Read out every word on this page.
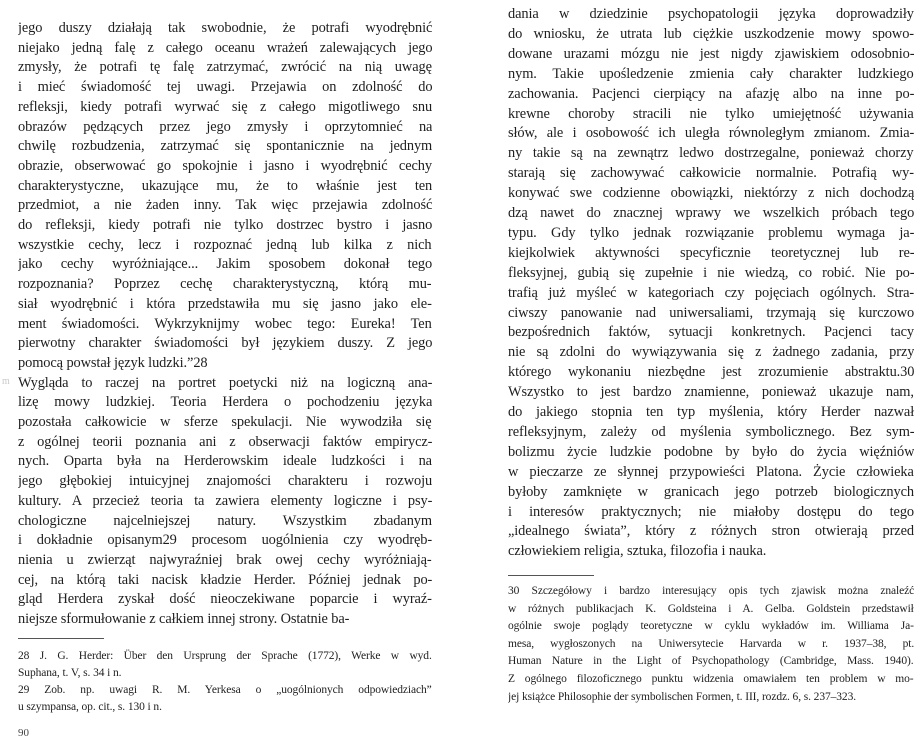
jego duszy działają tak swobodnie, że potrafi wyodrębnić
niejako jedną falę z całego oceanu wrażeń zalewających jego
zmysły, że potrafi tę falę zatrzymać, zwrócić na nią uwagę
i mieć świadomość tej uwagi. Przejawia on zdolność do
refleksji, kiedy potrafi wyrwać się z całego migotliwego snu
obrazów pędzących przez jego zmysły i oprzytomnieć na
chwilę rozbudzenia, zatrzymać się spontanicznie na jednym
obrazie, obserwować go spokojnie i jasno i wyodrębnić cechy
charakterystyczne, ukazujące mu, że to właśnie jest ten
przedmiot, a nie żaden inny. Tak więc przejawia zdolność
do refleksji, kiedy potrafi nie tylko dostrzec bystro i jasno
wszystkie cechy, lecz i rozpoznać jedną lub kilka z nich
jako cechy wyróżniające... Jakim sposobem dokonał tego
rozpoznania? Poprzez cechę charakterystyczną, którą mu-
siał wyodrębnić i która przedstawiła mu się jasno jako ele-
ment świadomości. Wykrzyknijmy wobec tego: Eureka! Ten
pierwotny charakter świadomości był językiem duszy. Z jego
pomocą powstał język ludzki.”28
Wygląda to raczej na portret poetycki niż na logiczną ana-
lizę mowy ludzkiej. Teoria Herdera o pochodzeniu języka
pozostała całkowicie w sferze spekulacji. Nie wywodziła się
z ogólnej teorii poznania ani z obserwacji faktów empirycz-
nych. Oparta była na Herderowskim ideale ludzkości i na
jego głębokiej intuicyjnej znajomości charakteru i rozwoju
kultury. A przecież teoria ta zawiera elementy logiczne i psy-
chologiczne najcelniejszej natury. Wszystkim zbadanym
i dokładnie opisanym29 procesom uogólnienia czy wyodręb-
nienia u zwierząt najwyraźniej brak owej cechy wyróżniają-
cej, na którą taki nacisk kładzie Herder. Później jednak po-
gląd Herdera zyskał dość nieoczekiwane poparcie i wyraź-
niejsze sformułowanie z całkiem innej strony. Ostatnie ba-
28 J. G. Herder: Über den Ursprung der Sprache (1772), Werke w wyd.
Suphana, t. V, s. 34 i n.
29 Zob. np. uwagi R. M. Yerkesa o „uogólnionych odpowiedziach”
u szympansa, op. cit., s. 130 i n.
90
m
dania w dziedzinie psychopatologii języka doprowadziły
do wniosku, że utrata lub ciężkie uszkodzenie mowy spowo-
dowane urazami mózgu nie jest nigdy zjawiskiem odosobnio-
nym. Takie upośledzenie zmienia cały charakter ludzkiego
zachowania. Pacjenci cierpiący na afazję albo na inne po-
krewne choroby stracili nie tylko umiejętność używania
słów, ale i osobowość ich uległa równoległym zmianom. Zmia-
ny takie są na zewnątrz ledwo dostrzegalne, ponieważ chorzy
starają się zachowywać całkowicie normalnie. Potrafią wy-
konywać swe codzienne obowiązki, niektórzy z nich dochodzą
dzą nawet do znacznej wprawy we wszelkich próbach tego
typu. Gdy tylko jednak rozwiązanie problemu wymaga ja-
kiejkolwiek aktywności specyficznie teoretycznej lub re-
fleksyjnej, gubią się zupełnie i nie wiedzą, co robić. Nie po-
trafią już myśleć w kategoriach czy pojęciach ogólnych. Stra-
ciwszy panowanie nad uniwersaliami, trzymają się kurczowo
bezpośrednich faktów, sytuacji konkretnych. Pacjenci tacy
nie są zdolni do wywiązywania się z żadnego zadania, przy
którego wykonaniu niezbędne jest zrozumienie abstraktu.30
Wszystko to jest bardzo znamienne, ponieważ ukazuje nam,
do jakiego stopnia ten typ myślenia, który Herder nazwał
refleksyjnym, zależy od myślenia symbolicznego. Bez sym-
bolizmu życie ludzkie podobne by było do życia więźniów
w pieczarze ze słynnej przypowieści Platona. Życie człowieka
byłoby zamknięte w granicach jego potrzeb biologicznych
i interesów praktycznych; nie miałoby dostępu do tego
„idealnego świata”, który z różnych stron otwierają przed
człowiekiem religia, sztuka, filozofia i nauka.
30 Szczegółowy i bardzo interesujący opis tych zjawisk można znaleźć
w różnych publikacjach K. Goldsteina i A. Gelba. Goldstein przedstawił
ogólnie swoje poglądy teoretyczne w cyklu wykładów im. Williama Ja-
mesa, wygłoszonych na Uniwersytecie Harvarda w r. 1937–38, pt.
Human Nature in the Light of Psychopathology (Cambridge, Mass. 1940).
Z ogólnego filozoficznego punktu widzenia omawiałem ten problem w mo-
jej książce Philosophie der symbolischen Formen, t. III, rozdz. 6, s. 237–323.
